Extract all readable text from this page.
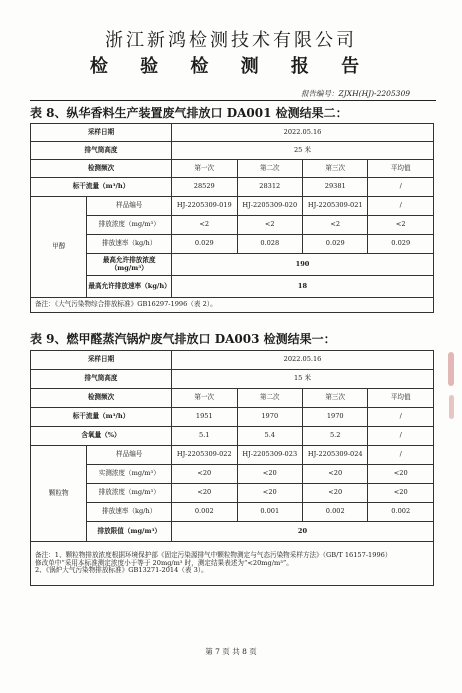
浙江新鸿检测技术有限公司
检 验 检 测 报 告
报告编号：ZJXH(HJ)-2205309
表 8、纵华香料生产装置废气排放口 DA001 检测结果二：
采样日期		2022.05.16			
排气筒高度		25 米			
检测频次		第一次	第二次	第三次	平均值
标干流量（m³/h）		28529	28312	29381	/
甲醇	样品编号	HJ-2205309-019	HJ-2205309-020	HJ-2205309-021	/
	排放浓度（mg/m³）	<2	<2	<2	<2
	排放速率（kg/h）	0.029	0.028	0.029	0.029
	最高允许排放浓度（mg/m³）	190			
	最高允许排放速率（kg/h）	18			
备注：《大气污染物综合排放标准》GB16297-1996（表 2）。					
表 9、燃甲醛蒸汽锅炉废气排放口 DA003 检测结果一：
采样日期		2022.05.16			
排气筒高度		15 米			
检测频次		第一次	第二次	第三次	平均值
标干流量（m³/h）		1951	1970	1970	/
含氧量（%）		5.1	5.4	5.2	/
颗粒物	样品编号	HJ-2205309-022	HJ-2205309-023	HJ-2205309-024	/
	实测浓度（mg/m³）	<20	<20	<20	<20
	排放浓度（mg/m³）	<20	<20	<20	<20
	排放速率（kg/h）	0.002	0.001	0.002	0.002
	排放限值（mg/m³）	20			

备注：1、颗粒物排放浓度根据环境保护部《固定污染源排气中颗粒物测定与气态污染物采样方法》（GB/T 16157-1996）
修改单中“采用本标准测定浓度小于等于 20mg/m³ 时，测定结果表述为“<20mg/m³”。
2、《锅炉大气污染物排放标准》GB13271-2014（表 3）。					
第 7 页 共 8 页
